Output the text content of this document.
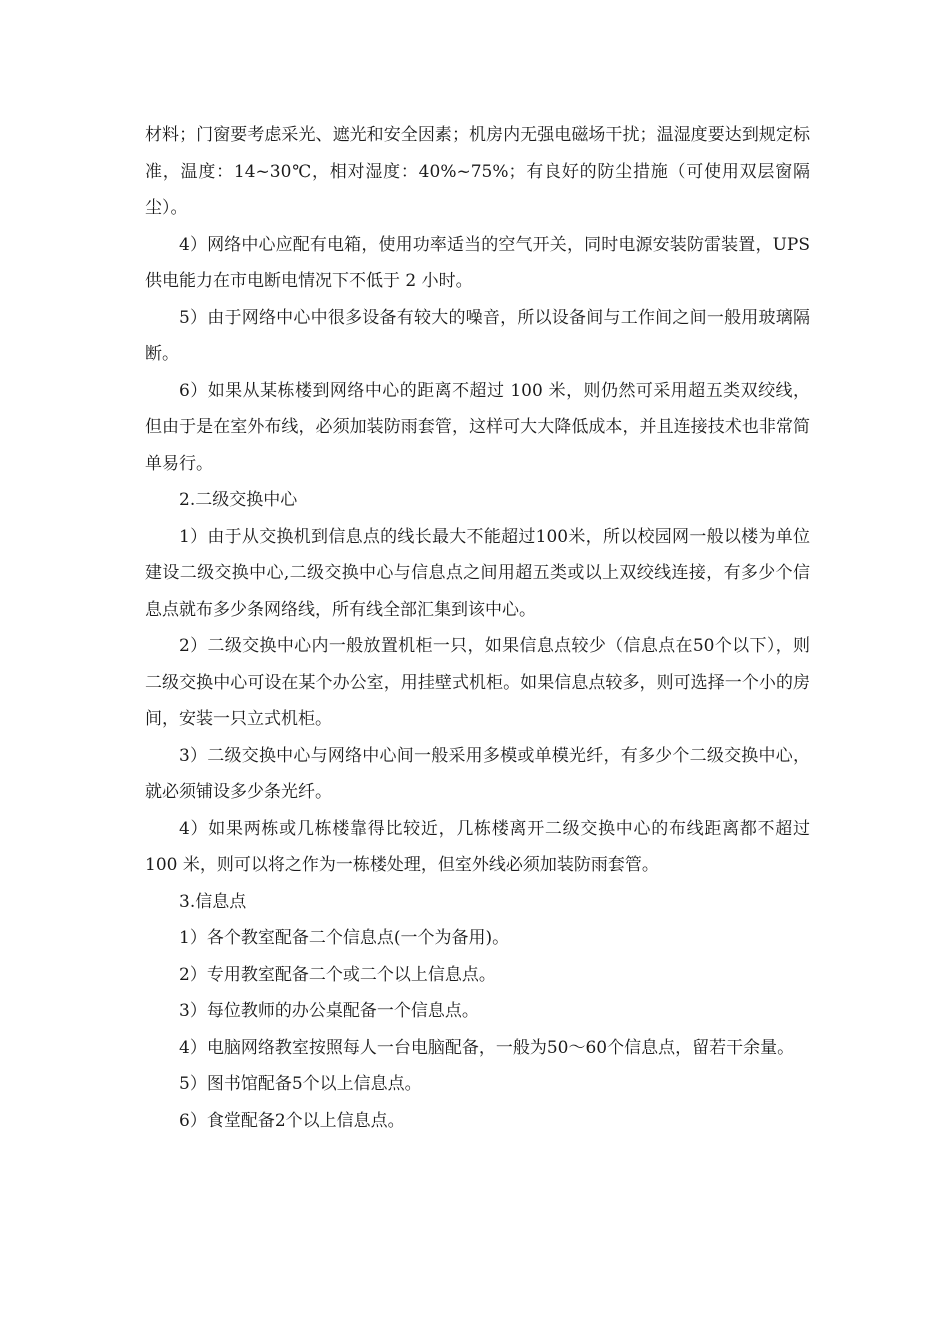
材料；门窗要考虑采光、遮光和安全因素；机房内无强电磁场干扰；温湿度要达到规定标准，温度：14~30℃，相对湿度：40%~75%；有良好的防尘措施（可使用双层窗隔尘）。

4）网络中心应配有电箱，使用功率适当的空气开关，同时电源安装防雷装置，UPS 供电能力在市电断电情况下不低于 2 小时。

5）由于网络中心中很多设备有较大的噪音，所以设备间与工作间之间一般用玻璃隔断。

6）如果从某栋楼到网络中心的距离不超过 100 米，则仍然可采用超五类双绞线，但由于是在室外布线，必须加装防雨套管，这样可大大降低成本，并且连接技术也非常简单易行。

2.二级交换中心

1）由于从交换机到信息点的线长最大不能超过100米，所以校园网一般以楼为单位建设二级交换中心,二级交换中心与信息点之间用超五类或以上双绞线连接，有多少个信息点就布多少条网络线，所有线全部汇集到该中心。

2）二级交换中心内一般放置机柜一只，如果信息点较少（信息点在50个以下），则二级交换中心可设在某个办公室，用挂壁式机柜。如果信息点较多，则可选择一个小的房间，安装一只立式机柜。

3）二级交换中心与网络中心间一般采用多模或单模光纤，有多少个二级交换中心，就必须铺设多少条光纤。

4）如果两栋或几栋楼靠得比较近，几栋楼离开二级交换中心的布线距离都不超过 100 米，则可以将之作为一栋楼处理，但室外线必须加装防雨套管。

3.信息点

1）各个教室配备二个信息点(一个为备用)。

2）专用教室配备二个或二个以上信息点。

3）每位教师的办公桌配备一个信息点。

4）电脑网络教室按照每人一台电脑配备，一般为50～60个信息点，留若干余量。

5）图书馆配备5个以上信息点。

6）食堂配备2个以上信息点。
